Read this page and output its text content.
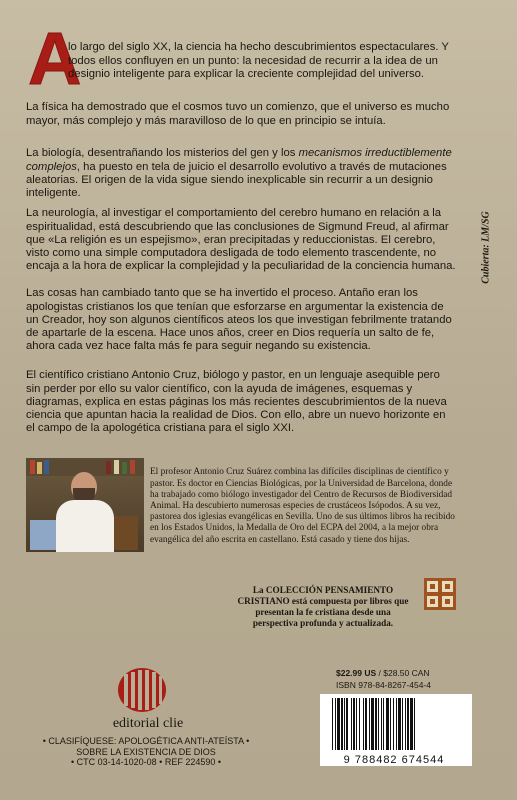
A

lo largo del siglo XX, la ciencia ha hecho descubrimientos espectaculares. Y todos ellos confluyen en un punto: la necesidad de recurrir a la idea de un designio inteligente para explicar la creciente complejidad del universo.

La física ha demostrado que el cosmos tuvo un comienzo, que el universo es mucho mayor, más complejo y más maravilloso de lo que en principio se intuía.

La biología, desentrañando los misterios del gen y los mecanismos irreductiblemente complejos, ha puesto en tela de juicio el desarrollo evolutivo a través de mutaciones aleatorias. El origen de la vida sigue siendo inexplicable sin recurrir a un designio inteligente.

La neurología, al investigar el comportamiento del cerebro humano en relación a la espiritualidad, está descubriendo que las conclusiones de Sigmund Freud, al afirmar que «La religión es un espejismo», eran precipitadas y reduccionistas. El cerebro, visto como una simple computadora desligada de todo elemento trascendente, no encaja a la hora de explicar la complejidad y la peculiaridad de la conciencia humana.

Las cosas han cambiado tanto que se ha invertido el proceso. Antaño eran los apologistas cristianos los que tenían que esforzarse en argumentar la existencia de un Creador, hoy son algunos científicos ateos los que investigan febrilmente tratando de apartarle de la escena. Hace unos años, creer en Dios requería un salto de fe, ahora cada vez hace falta más fe para seguir negando su existencia.

El científico cristiano Antonio Cruz, biólogo y pastor, en un lenguaje asequible pero sin perder por ello su valor científico, con la ayuda de imágenes, esquemas y diagramas, explica en estas páginas los más recientes descubrimientos de la nueva ciencia que apuntan hacia la realidad de Dios. Con ello, abre un nuevo horizonte en el campo de la apologética cristiana para el siglo XXI.

Cubierta: LM/SG

El profesor Antonio Cruz Suárez combina las difíciles disciplinas de científico y pastor. Es doctor en Ciencias Biológicas, por la Universidad de Barcelona, donde ha trabajado como biólogo investigador del Centro de Recursos de Biodiversidad Animal. Ha descubierto numerosas especies de crustáceos Isópodos. A su vez, pastorea dos iglesias evangélicas en Sevilla. Uno de sus últimos libros ha recibido en los Estados Unidos, la Medalla de Oro del ECPA del 2004, a la mejor obra evangélica del año escrita en castellano. Está casado y tiene dos hijas.

La COLECCIÓN PENSAMIENTO CRISTIANO está compuesta por libros que presentan la fe cristiana desde una perspectiva profunda y actualizada.

editorial clie
• CLASIFÍQUESE: APOLOGÉTICA ANTI-ATEÍSTA •
SOBRE LA EXISTENCIA DE DIOS
• CTC 03-14-1020-08 • REF 224590 •
$22.99 US / $28.50 CAN
ISBN 978-84-8267-454-4
9 788482 674544
